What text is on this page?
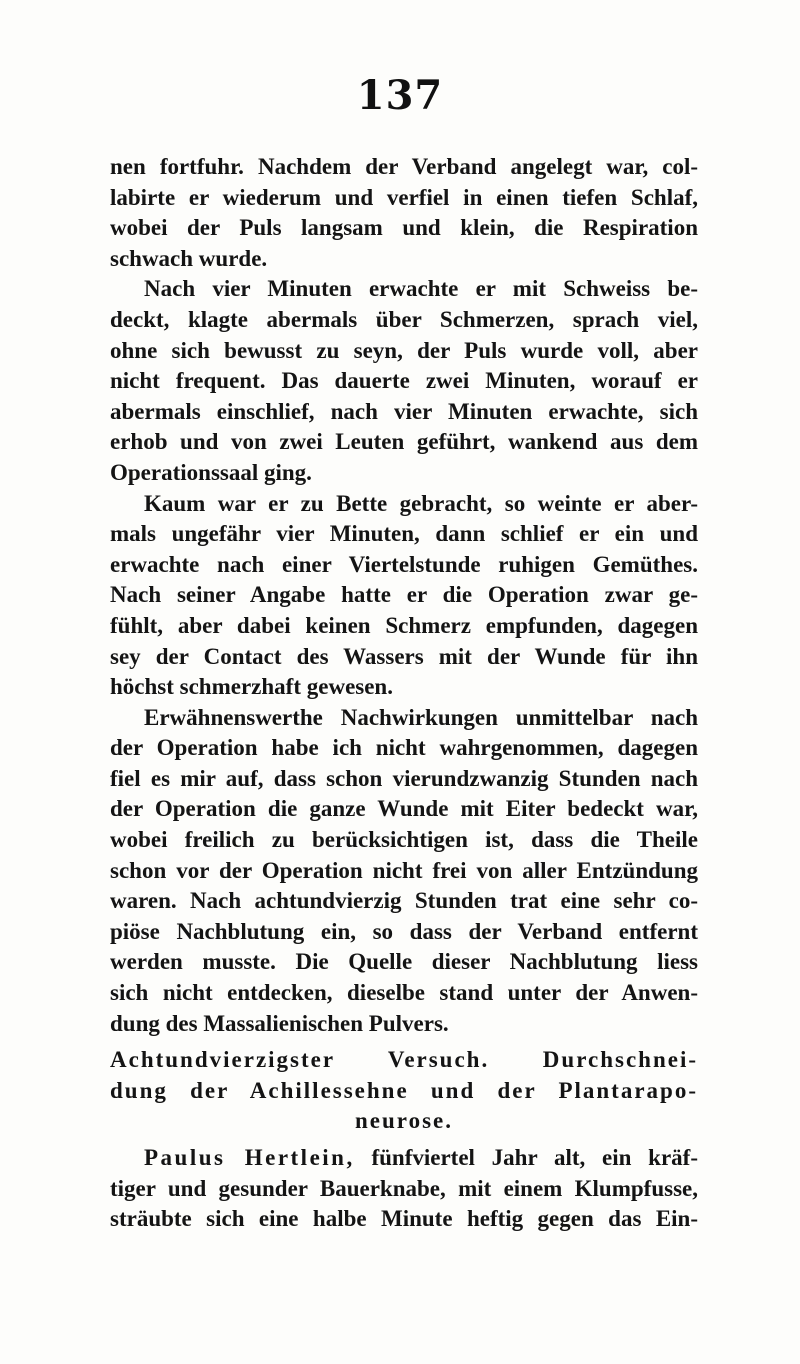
137
nen fortfuhr. Nachdem der Verband angelegt war, col-
labirte er wiederum und verfiel in einen tiefen Schlaf,
wobei der Puls langsam und klein, die Respiration
schwach wurde.
Nach vier Minuten erwachte er mit Schweiss be-
deckt, klagte abermals über Schmerzen, sprach viel,
ohne sich bewusst zu seyn, der Puls wurde voll, aber
nicht frequent. Das dauerte zwei Minuten, worauf er
abermals einschlief, nach vier Minuten erwachte, sich
erhob und von zwei Leuten geführt, wankend aus dem
Operationssaal ging.
Kaum war er zu Bette gebracht, so weinte er aber-
mals ungefähr vier Minuten, dann schlief er ein und
erwachte nach einer Viertelstunde ruhigen Gemüthes.
Nach seiner Angabe hatte er die Operation zwar ge-
fühlt, aber dabei keinen Schmerz empfunden, dagegen
sey der Contact des Wassers mit der Wunde für ihn
höchst schmerzhaft gewesen.
Erwähnenswerthe Nachwirkungen unmittelbar nach
der Operation habe ich nicht wahrgenommen, dagegen
fiel es mir auf, dass schon vierundzwanzig Stunden nach
der Operation die ganze Wunde mit Eiter bedeckt war,
wobei freilich zu berücksichtigen ist, dass die Theile
schon vor der Operation nicht frei von aller Entzündung
waren. Nach achtundvierzig Stunden trat eine sehr co-
piöse Nachblutung ein, so dass der Verband entfernt
werden musste. Die Quelle dieser Nachblutung liess
sich nicht entdecken, dieselbe stand unter der Anwen-
dung des Massalienischen Pulvers.
Achtundvierzigster Versuch. Durchschnei-
dung der Achillessehne und der Plantarapo-
neurose.
Paulus Hertlein, fünfviertel Jahr alt, ein kräf-
tiger und gesunder Bauerknabe, mit einem Klumpfusse,
sträubte sich eine halbe Minute heftig gegen das Ein-
